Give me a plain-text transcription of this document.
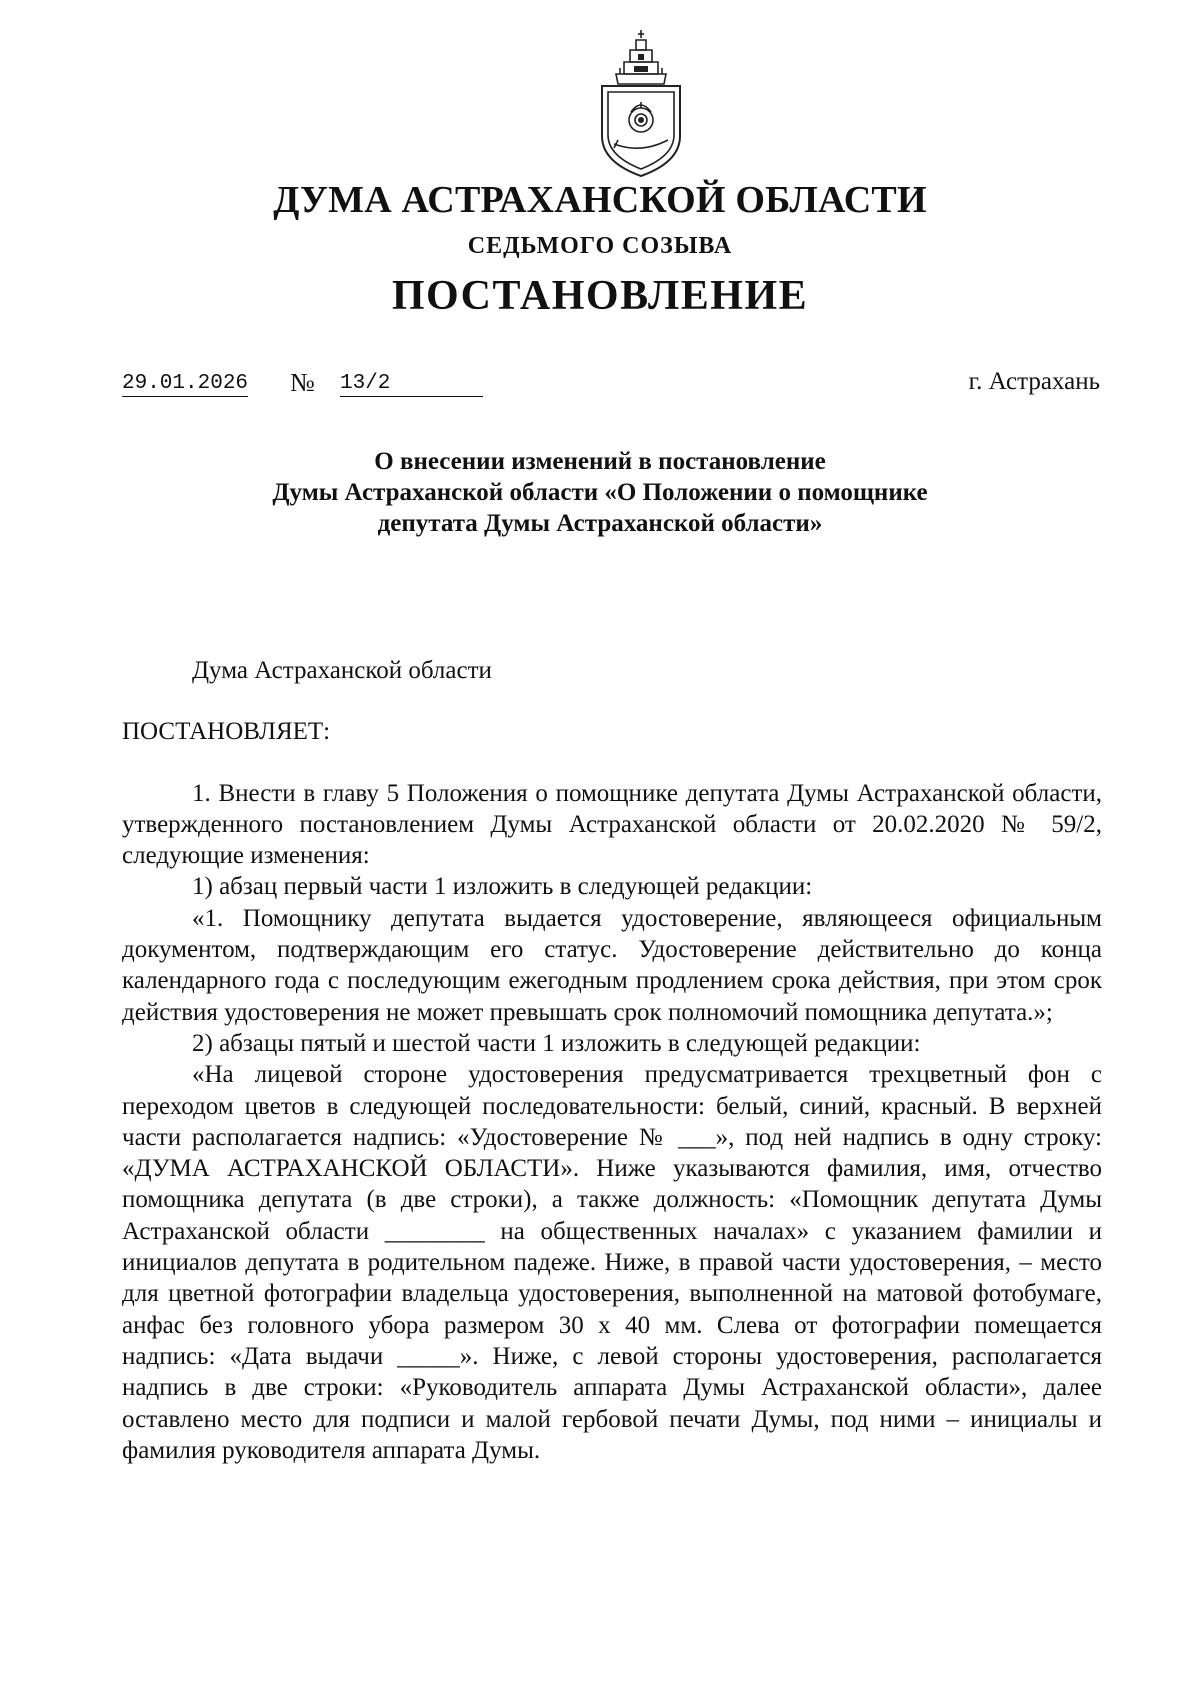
ДУМА АСТРАХАНСКОЙ ОБЛАСТИ
СЕДЬМОГО СОЗЫВА
ПОСТАНОВЛЕНИЕ
29.01.2026 № 13/2	г. Астрахань
О внесении изменений в постановление
Думы Астраханской области «О Положении о помощнике
депутата Думы Астраханской области»

Дума Астраханской области

ПОСТАНОВЛЯЕТ:

1. Внести в главу 5 Положения о помощнике депутата Думы Астраханской области, утвержденного постановлением Думы Астраханской области от 20.02.2020 № 59/2, следующие изменения:

1) абзац первый части 1 изложить в следующей редакции:

«1. Помощнику депутата выдается удостоверение, являющееся официальным документом, подтверждающим его статус. Удостоверение действительно до конца календарного года с последующим ежегодным продлением срока действия, при этом срок действия удостоверения не может превышать срок полномочий помощника депутата.»;

2) абзацы пятый и шестой части 1 изложить в следующей редакции:

«На лицевой стороне удостоверения предусматривается трехцветный фон с переходом цветов в следующей последовательности: белый, синий, красный. В верхней части располагается надпись: «Удостоверение № ___», под ней надпись в одну строку: «ДУМА АСТРАХАНСКОЙ ОБЛАСТИ». Ниже указываются фамилия, имя, отчество помощника депутата (в две строки), а также должность: «Помощник депутата Думы Астраханской области ________ на общественных началах» с указанием фамилии и инициалов депутата в родительном падеже. Ниже, в правой части удостоверения, – место для цветной фотографии владельца удостоверения, выполненной на матовой фотобумаге, анфас без головного убора размером 30 х 40 мм. Слева от фотографии помещается надпись: «Дата выдачи _____». Ниже, с левой стороны удостоверения, располагается надпись в две строки: «Руководитель аппарата Думы Астраханской области», далее оставлено место для подписи и малой гербовой печати Думы, под ними – инициалы и фамилия руководителя аппарата Думы.
